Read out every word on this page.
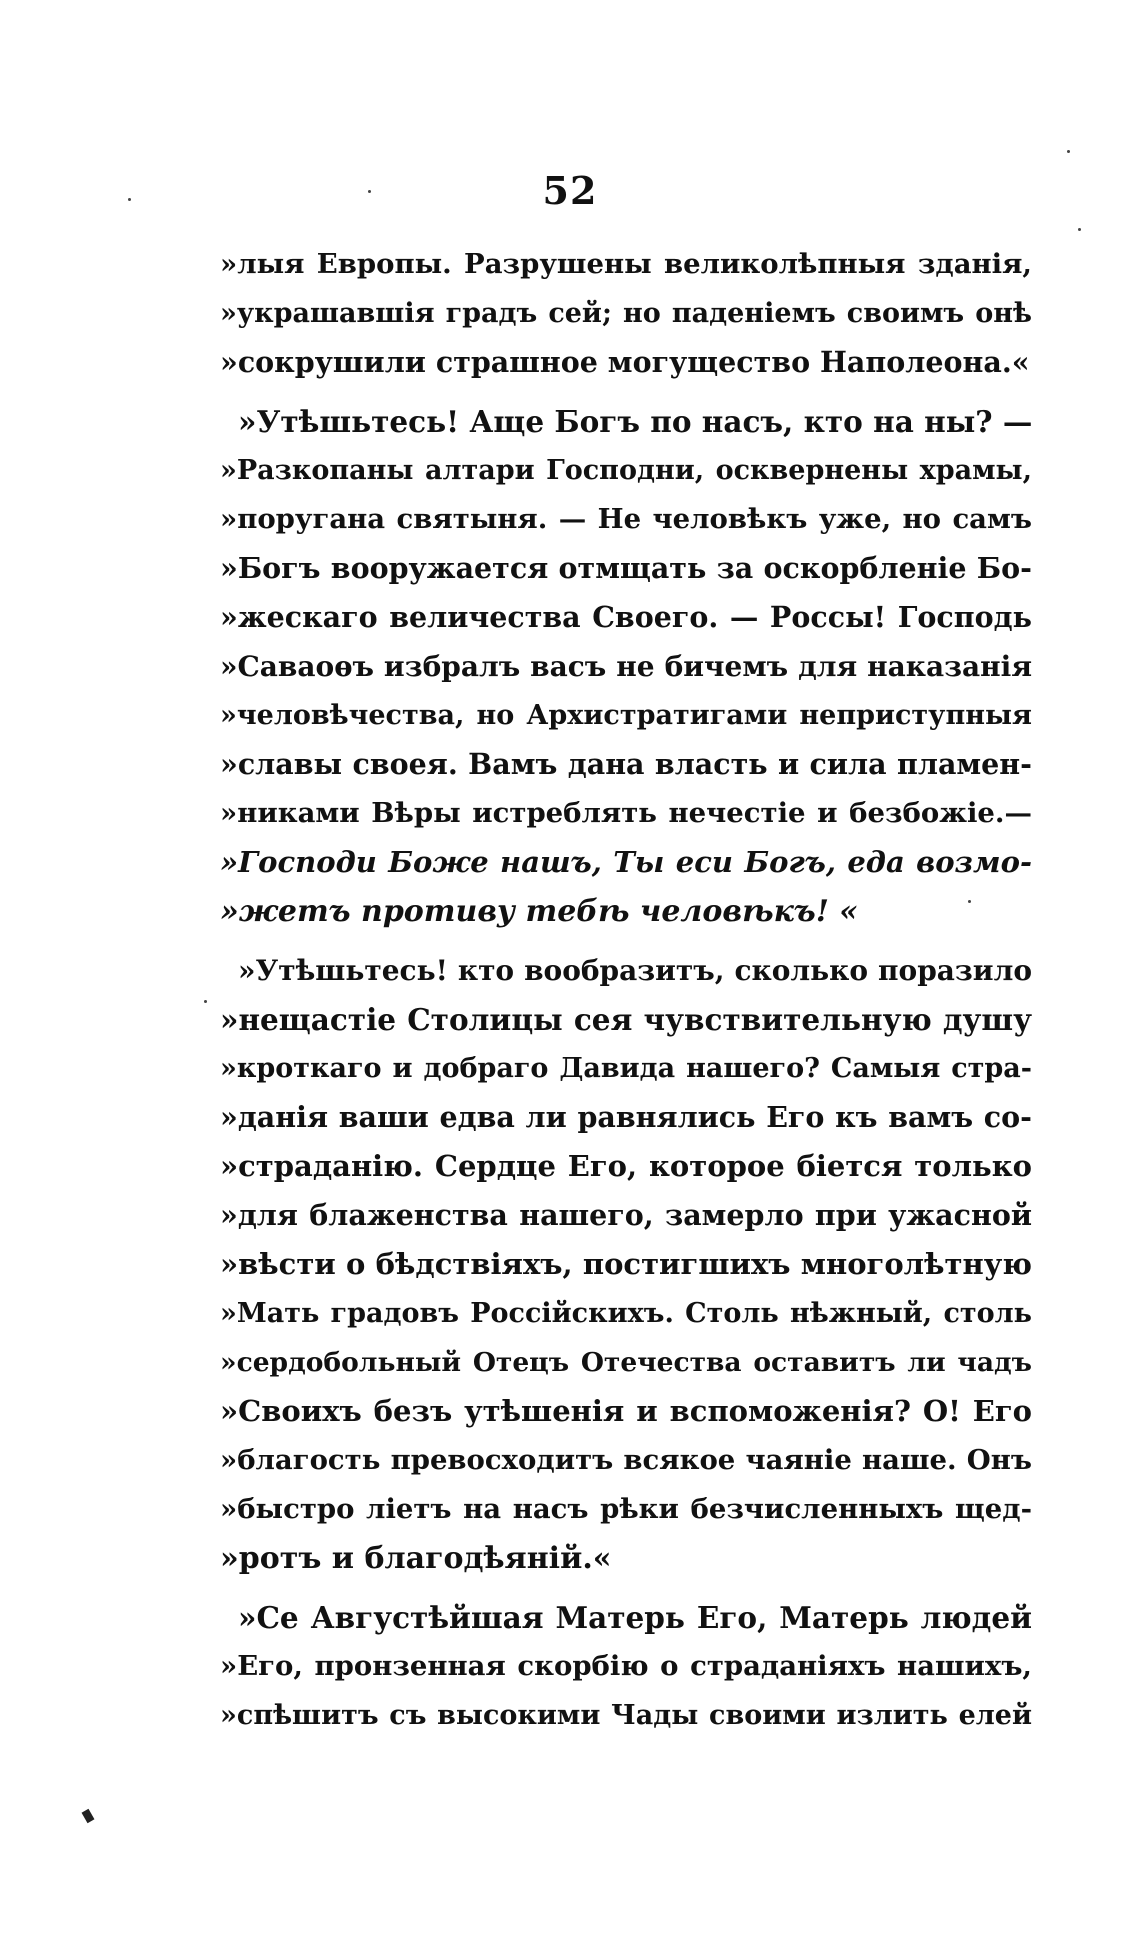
52
»лыя Европы. Разрушены великолѣпныя зданія,
»украшавшія градъ сей; но паденіемъ своимъ онѣ
»сокрушили страшное могущество Наполеона.«
»Утѣшьтесь! Аще Богъ по насъ, кто на ны? —
»Разкопаны алтари Господни, осквернены храмы,
»поругана святыня. — Не человѣкъ уже, но самъ
»Богъ вооружается отмщать за оскорбленіе Бо-
»жескаго величества Своего. — Россы! Господь
»Саваоѳъ избралъ васъ не бичемъ для наказанія
»человѣчества, но Архистратигами неприступныя
»славы своея. Вамъ дана власть и сила пламен-
»никами Вѣры истреблять нечестіе и безбожіе.—
»Господи Боже нашъ, Ты еси Богъ, еда возмо-
»жетъ противу тебѣ человѣкъ! «
»Утѣшьтесь! кто вообразитъ, сколько поразило
»нещастіе Столицы сея чувствительную душу
»кроткаго и добраго Давида нашего? Самыя стра-
»данія ваши едва ли равнялись Его къ вамъ со-
»страданію. Сердце Его, которое біется только
»для блаженства нашего, замерло при ужасной
»вѣсти о бѣдствіяхъ, постигшихъ многолѣтную
»Мать градовъ Россійскихъ. Столь нѣжный, столь
»сердобольный Отецъ Отечества оставитъ ли чадъ
»Своихъ безъ утѣшенія и вспоможенія? О! Его
»благость превосходитъ всякое чаяніе наше. Онъ
»быстро ліетъ на насъ рѣки безчисленныхъ щед-
»ротъ и благодѣяній.«
»Се Августѣйшая Матерь Его, Матерь людей
»Его, пронзенная скорбію о страданіяхъ нашихъ,
»спѣшитъ съ высокими Чады своими излить елей
